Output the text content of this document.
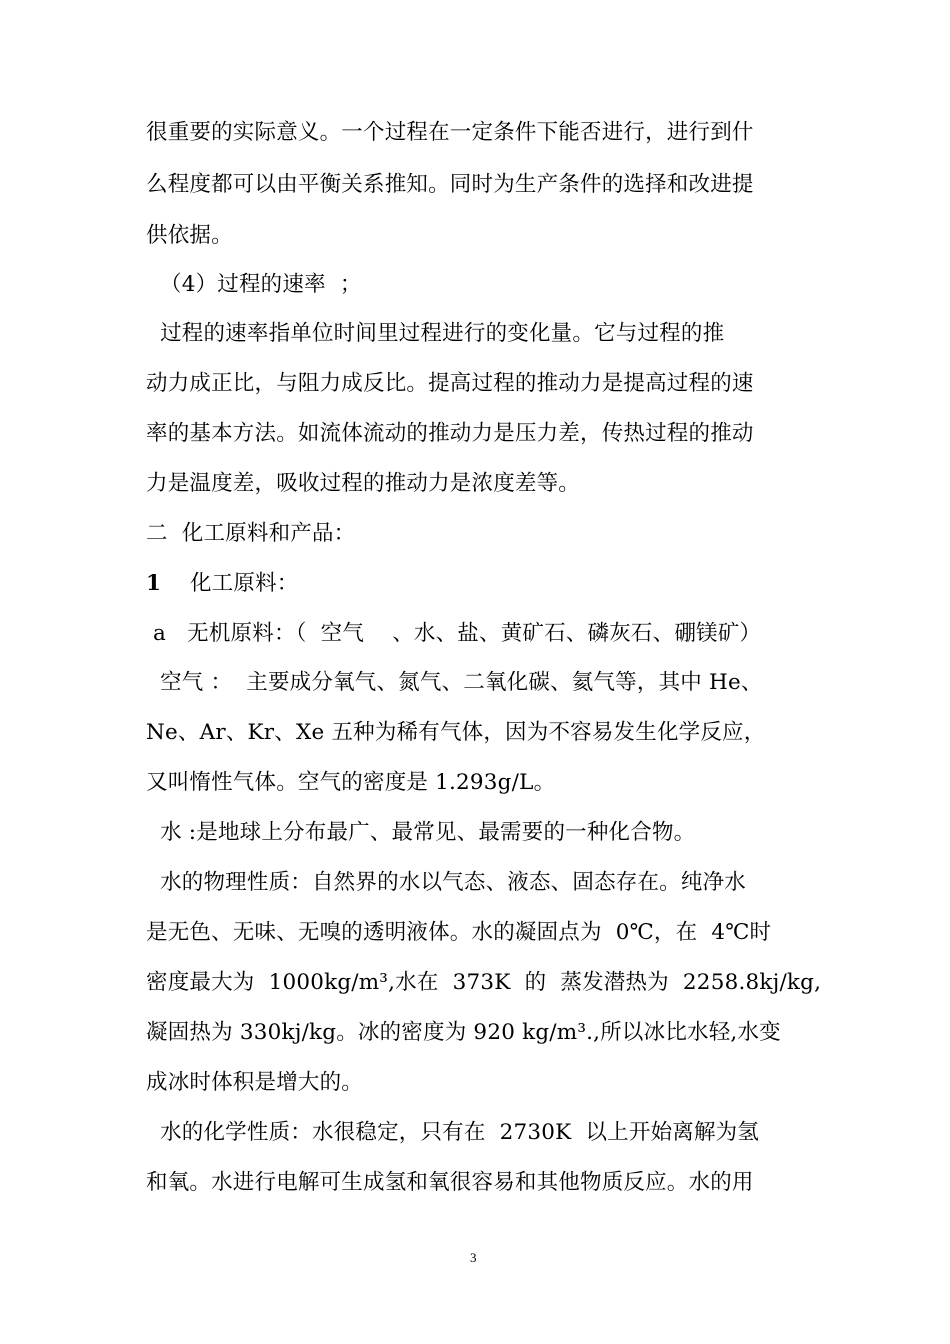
很重要的实际意义。一个过程在一定条件下能否进行，进行到什
么程度都可以由平衡关系推知。同时为生产条件的选择和改进提
供依据。
（4）过程的速率  ；
过程的速率指单位时间里过程进行的变化量。它与过程的推
动力成正比，与阻力成反比。提高过程的推动力是提高过程的速
率的基本方法。如流体流动的推动力是压力差，传热过程的推动
力是温度差，吸收过程的推动力是浓度差等。
二  化工原料和产品：
1 化工原料：
a   无机原料：（  空气    、水、盐、黄矿石、磷灰石、硼镁矿）
空气 ：  主要成分氧气、氮气、二氧化碳、氦气等，其中 He、
Ne、Ar、Kr、Xe 五种为稀有气体，因为不容易发生化学反应，
又叫惰性气体。空气的密度是 1.293g/L。
水 :是地球上分布最广、最常见、最需要的一种化合物。
水的物理性质：自然界的水以气态、液态、固态存在。纯净水
是无色、无味、无嗅的透明液体。水的凝固点为  0℃，在  4℃时
密度最大为  1000kg/m³,水在  373K  的  蒸发潜热为  2258.8kj/kg,
凝固热为 330kj/kg。冰的密度为 920 kg/m³.,所以冰比水轻,水变
成冰时体积是增大的。
水的化学性质：水很稳定，只有在  2730K  以上开始离解为氢
和氧。水进行电解可生成氢和氧很容易和其他物质反应。水的用
3
